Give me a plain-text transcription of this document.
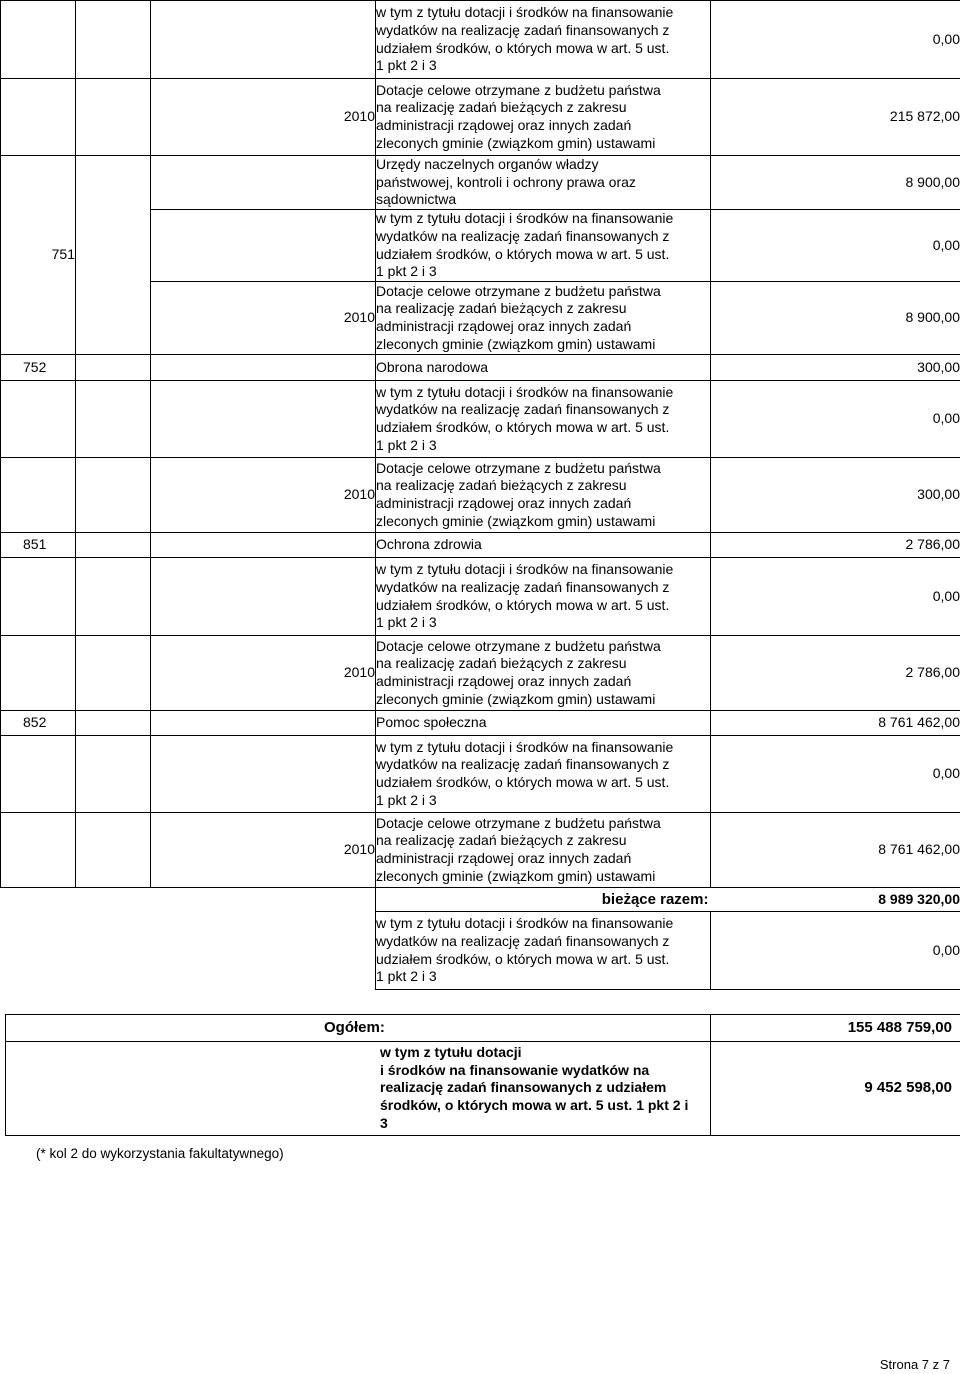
			w tym z tytułu dotacji i środków na finansowanie
wydatków na realizację zadań finansowanych z
udziałem środków, o których mowa w art. 5 ust.
1 pkt 2 i 3	0,00
		2010	Dotacje celowe otrzymane z budżetu państwa
na realizację zadań bieżących z zakresu
administracji rządowej oraz innych zadań
zleconych gminie (związkom gmin) ustawami	215 872,00
751			Urzędy naczelnych organów władzy
państwowej, kontroli i ochrony prawa oraz
sądownictwa	8 900,00
			w tym z tytułu dotacji i środków na finansowanie
wydatków na realizację zadań finansowanych z
udziałem środków, o których mowa w art. 5 ust.
1 pkt 2 i 3	0,00
		2010	Dotacje celowe otrzymane z budżetu państwa
na realizację zadań bieżących z zakresu
administracji rządowej oraz innych zadań
zleconych gminie (związkom gmin) ustawami	8 900,00
752			Obrona narodowa	300,00
			w tym z tytułu dotacji i środków na finansowanie
wydatków na realizację zadań finansowanych z
udziałem środków, o których mowa w art. 5 ust.
1 pkt 2 i 3	0,00
		2010	Dotacje celowe otrzymane z budżetu państwa
na realizację zadań bieżących z zakresu
administracji rządowej oraz innych zadań
zleconych gminie (związkom gmin) ustawami	300,00
851			Ochrona zdrowia	2 786,00
			w tym z tytułu dotacji i środków na finansowanie
wydatków na realizację zadań finansowanych z
udziałem środków, o których mowa w art. 5 ust.
1 pkt 2 i 3	0,00
		2010	Dotacje celowe otrzymane z budżetu państwa
na realizację zadań bieżących z zakresu
administracji rządowej oraz innych zadań
zleconych gminie (związkom gmin) ustawami	2 786,00
852			Pomoc społeczna	8 761 462,00
			w tym z tytułu dotacji i środków na finansowanie
wydatków na realizację zadań finansowanych z
udziałem środków, o których mowa w art. 5 ust.
1 pkt 2 i 3	0,00
		2010	Dotacje celowe otrzymane z budżetu państwa
na realizację zadań bieżących z zakresu
administracji rządowej oraz innych zadań
zleconych gminie (związkom gmin) ustawami	8 761 462,00
			bieżące razem:	8 989 320,00
			w tym z tytułu dotacji i środków na finansowanie
wydatków na realizację zadań finansowanych z
udziałem środków, o których mowa w art. 5 ust.
1 pkt 2 i 3	0,00
Ogółem:	155 488 759,00
w tym z tytułu dotacji
i środków na finansowanie wydatków na
realizację zadań finansowanych z udziałem
środków, o których mowa w art. 5 ust. 1 pkt 2 i
3	9 452 598,00
(* kol 2 do wykorzystania fakultatywnego)
Strona 7 z 7
